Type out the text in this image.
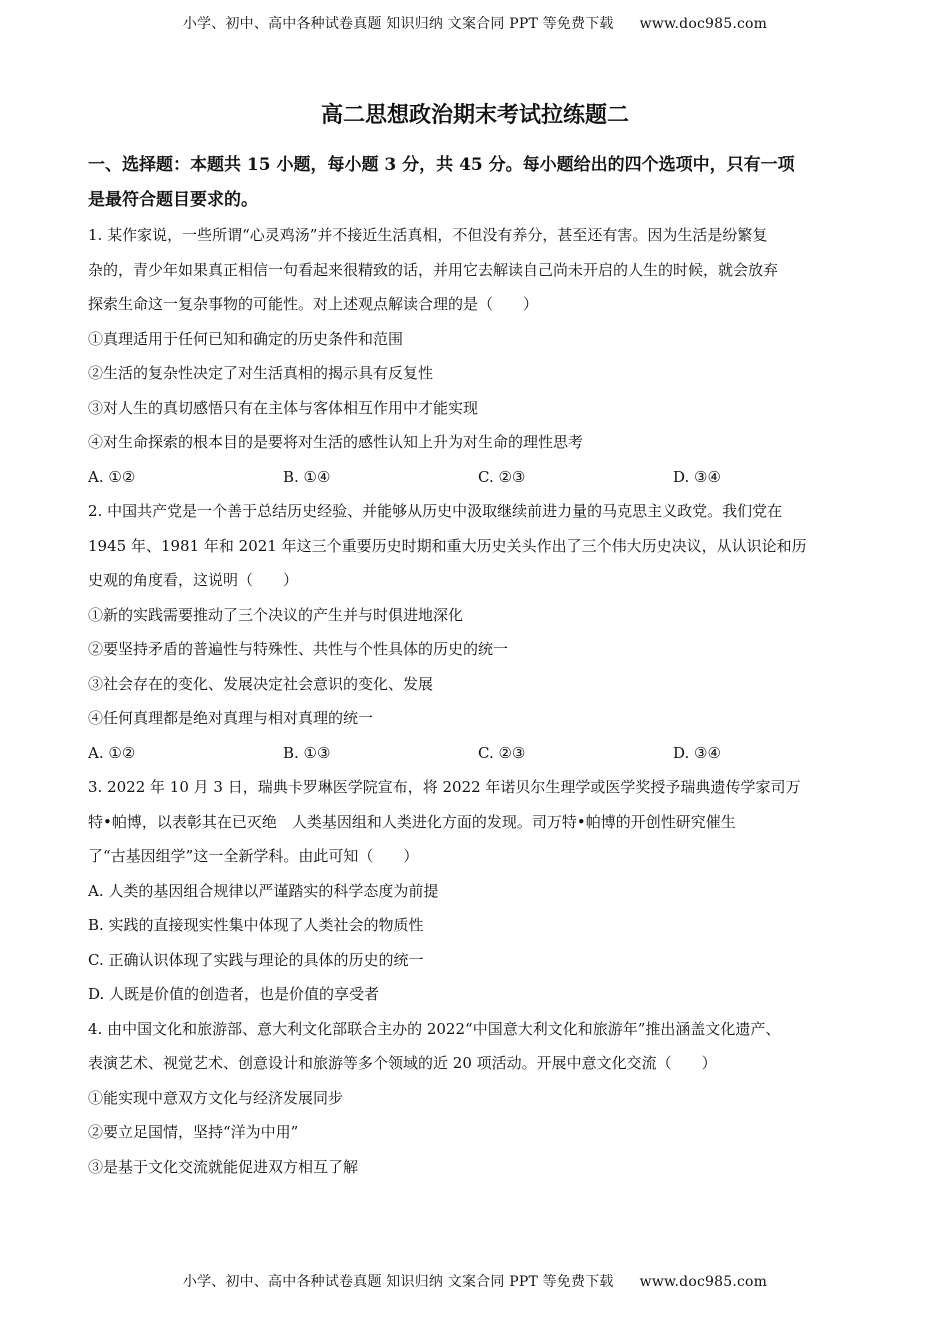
小学、初中、高中各种试卷真题 知识归纳 文案合同 PPT 等免费下载 www.doc985.com
高二思想政治期末考试拉练题二
一、选择题：本题共 15 小题，每小题 3 分，共 45 分。每小题给出的四个选项中，只有一项
是最符合题目要求的。
1. 某作家说，一些所谓“心灵鸡汤”并不接近生活真相，不但没有养分，甚至还有害。因为生活是纷繁复
杂的，青少年如果真正相信一句看起来很精致的话，并用它去解读自己尚未开启的人生的时候，就会放弃
探索生命这一复杂事物的可能性。对上述观点解读合理的是（　　）
①真理适用于任何已知和确定的历史条件和范围
②生活的复杂性决定了对生活真相的揭示具有反复性
③对人生的真切感悟只有在主体与客体相互作用中才能实现
④对生命探索的根本目的是要将对生活的感性认知上升为对生命的理性思考
A. ①②	B. ①④	C. ②③	D. ③④
2. 中国共产党是一个善于总结历史经验、并能够从历史中汲取继续前进力量的马克思主义政党。我们党在
1945 年、1981 年和 2021 年这三个重要历史时期和重大历史关头作出了三个伟大历史决议，从认识论和历
史观的角度看，这说明（　　）
①新的实践需要推动了三个决议的产生并与时俱进地深化
②要坚持矛盾的普遍性与特殊性、共性与个性具体的历史的统一
③社会存在的变化、发展决定社会意识的变化、发展
④任何真理都是绝对真理与相对真理的统一
A. ①②	B. ①③	C. ②③	D. ③④
3. 2022 年 10 月 3 日，瑞典卡罗琳医学院宣布，将 2022 年诺贝尔生理学或医学奖授予瑞典遗传学家司万
特•帕博，以表彰其在已灭绝　人类基因组和人类进化方面的发现。司万特•帕博的开创性研究催生
了“古基因组学”这一全新学科。由此可知（　　）
A. 人类的基因组合规律以严谨踏实的科学态度为前提
B. 实践的直接现实性集中体现了人类社会的物质性
C. 正确认识体现了实践与理论的具体的历史的统一
D. 人既是价值的创造者，也是价值的享受者
4. 由中国文化和旅游部、意大利文化部联合主办的 2022“中国意大利文化和旅游年”推出涵盖文化遗产、
表演艺术、视觉艺术、创意设计和旅游等多个领域的近 20 项活动。开展中意文化交流（　　）
①能实现中意双方文化与经济发展同步
②要立足国情，坚持“洋为中用”
③是基于文化交流就能促进双方相互了解
小学、初中、高中各种试卷真题 知识归纳 文案合同 PPT 等免费下载 www.doc985.com
